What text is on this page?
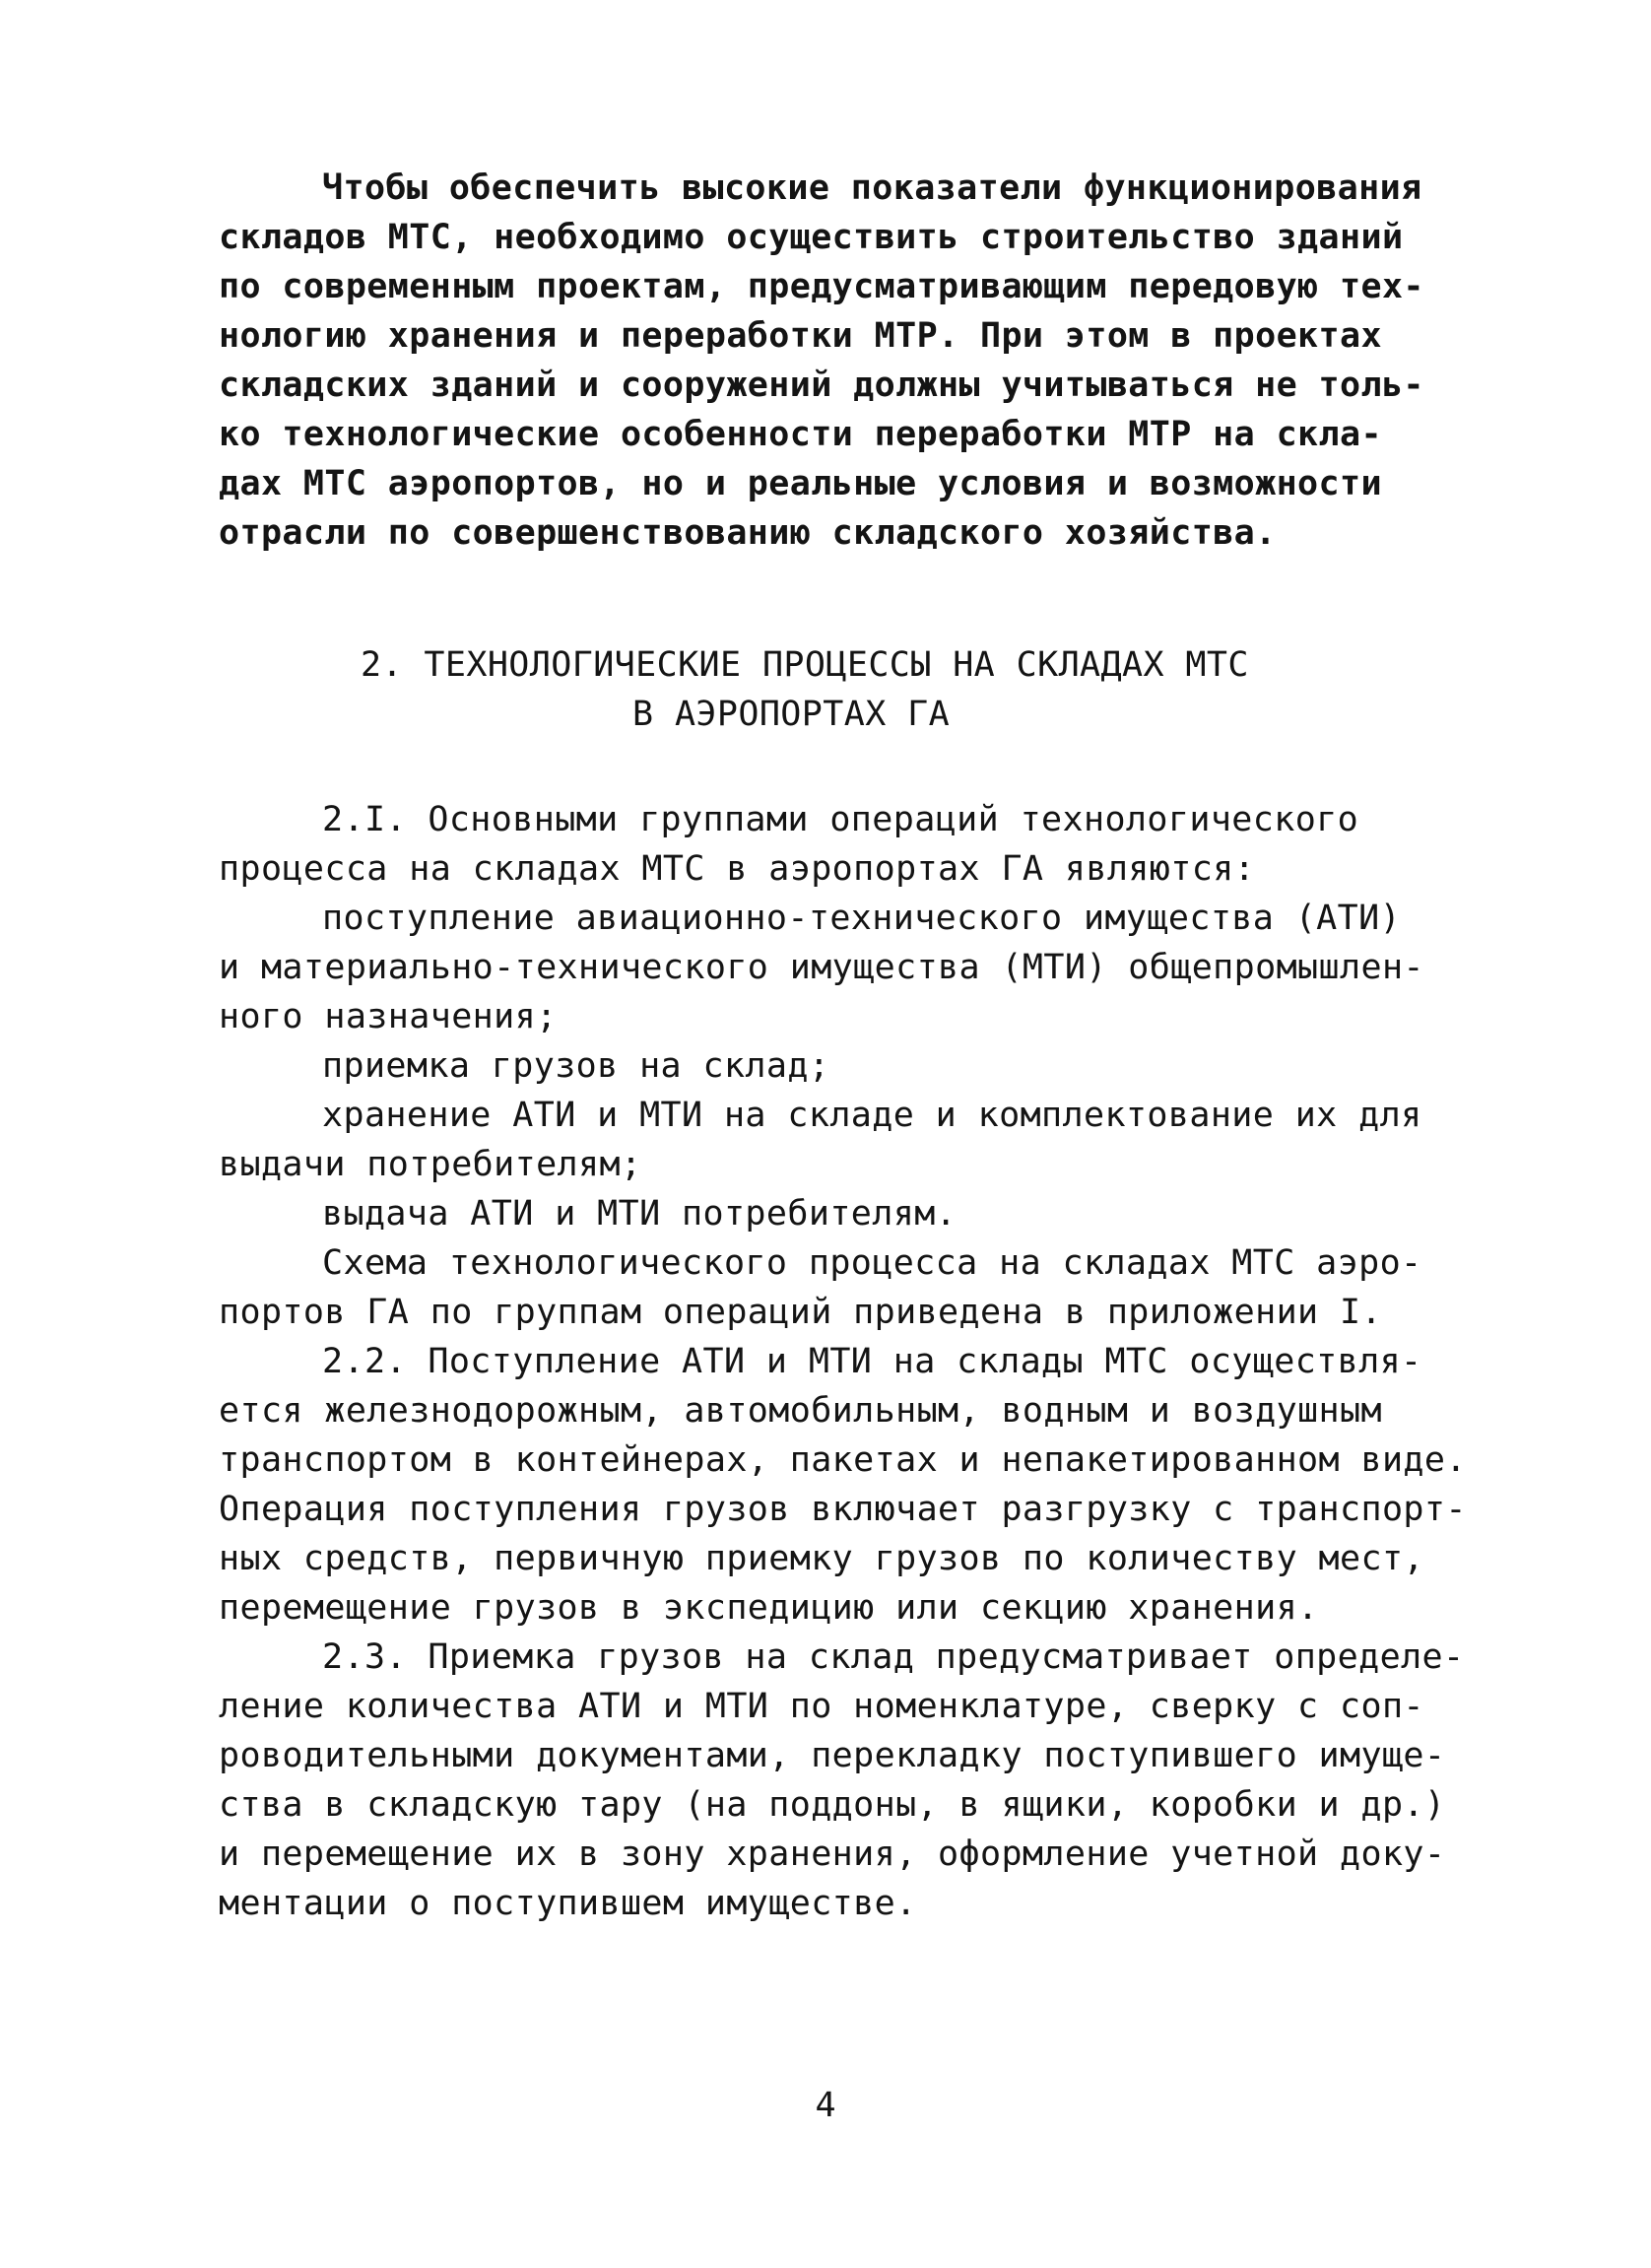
Чтобы обеспечить высокие показатели функционирования
складов МТС, необходимо осуществить строительство зданий
по современным проектам, предусматривающим передовую тех-
нологию хранения и переработки МТР. При этом в проектах
складских зданий и сооружений должны учитываться не толь-
ко технологические особенности переработки МТР на скла-
дах МТС аэропортов, но и реальные условия и возможности
отрасли по совершенствованию складского хозяйства.
2. ТЕХНОЛОГИЧЕСКИЕ ПРОЦЕССЫ НА СКЛАДАХ МТС
В АЭРОПОРТАХ ГА
2.I. Основными группами операций технологического
процесса на складах МТС в аэропортах ГА являются:
поступление авиационно-технического имущества (АТИ)
и материально-технического имущества (МТИ) общепромышлен-
ного назначения;
приемка грузов на склад;
хранение АТИ и МТИ на складе и комплектование их для
выдачи потребителям;
выдача АТИ и МТИ потребителям.
Схема технологического процесса на складах МТС аэро-
портов ГА по группам операций приведена в приложении I.
2.2. Поступление АТИ и МТИ на склады МТС осуществля-
ется железнодорожным, автомобильным, водным и воздушным
транспортом в контейнерах, пакетах и непакетированном виде.
Операция поступления грузов включает разгрузку с транспорт-
ных средств, первичную приемку грузов по количеству мест,
перемещение грузов в экспедицию или секцию хранения.
2.3. Приемка грузов на склад предусматривает определе-
ление количества АТИ и МТИ по номенклатуре, сверку с соп-
роводительными документами, перекладку поступившего имуще-
ства в складскую тару (на поддоны, в ящики, коробки и др.)
и перемещение их в зону хранения, оформление учетной доку-
ментации о поступившем имуществе.
4
